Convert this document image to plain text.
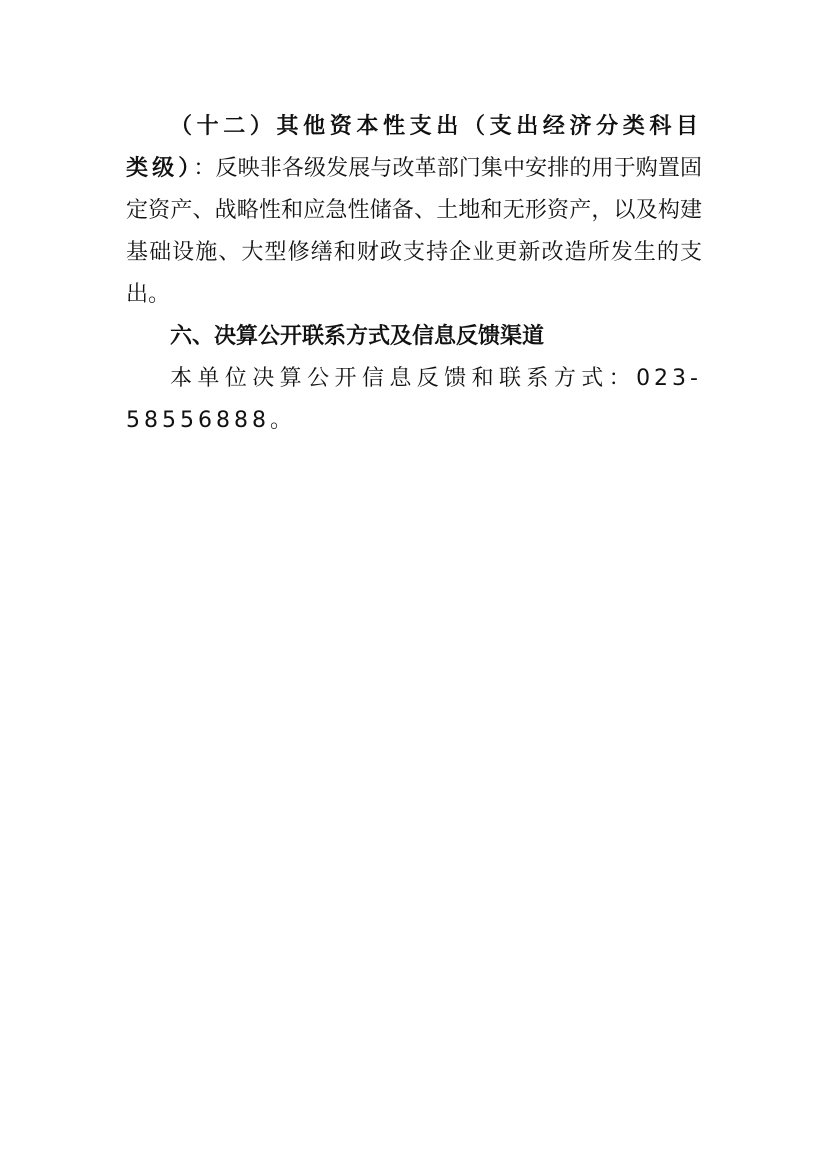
（十二）其他资本性支出（支出经济分类科目类级）：反映非各级发展与改革部门集中安排的用于购置固定资产、战略性和应急性储备、土地和无形资产，以及构建基础设施、大型修缮和财政支持企业更新改造所发生的支出。

六、决算公开联系方式及信息反馈渠道

本单位决算公开信息反馈和联系方式：023-58556888。
